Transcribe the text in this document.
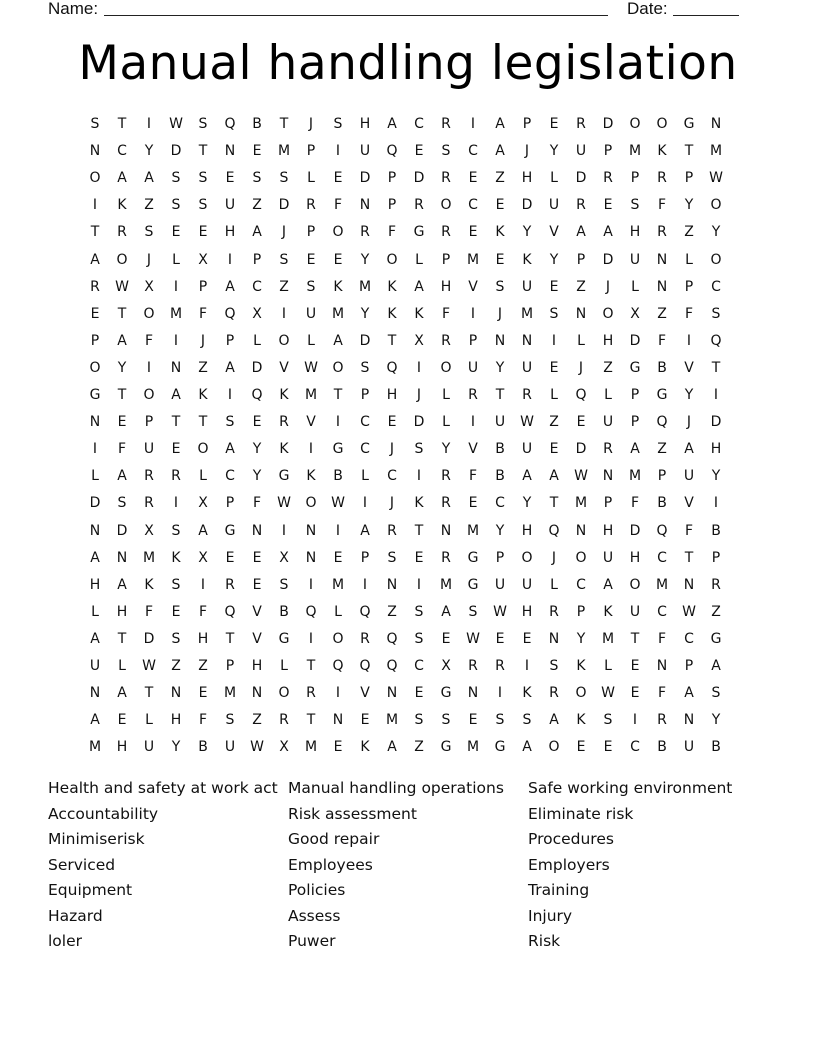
Name:	Date:
Manual handling legislation
S	T	I	W	S	Q	B	T	J	S	H	A	C	R	I	A	P	E	R	D	O	O	G	N
N	C	Y	D	T	N	E	M	P	I	U	Q	E	S	C	A	J	Y	U	P	M	K	T	M
O	A	A	S	S	E	S	S	L	E	D	P	D	R	E	Z	H	L	D	R	P	R	P	W
I	K	Z	S	S	U	Z	D	R	F	N	P	R	O	C	E	D	U	R	E	S	F	Y	O
T	R	S	E	E	H	A	J	P	O	R	F	G	R	E	K	Y	V	A	A	H	R	Z	Y
A	O	J	L	X	I	P	S	E	E	Y	O	L	P	M	E	K	Y	P	D	U	N	L	O
R	W	X	I	P	A	C	Z	S	K	M	K	A	H	V	S	U	E	Z	J	L	N	P	C
E	T	O	M	F	Q	X	I	U	M	Y	K	K	F	I	J	M	S	N	O	X	Z	F	S
P	A	F	I	J	P	L	O	L	A	D	T	X	R	P	N	N	I	L	H	D	F	I	Q
O	Y	I	N	Z	A	D	V	W	O	S	Q	I	O	U	Y	U	E	J	Z	G	B	V	T
G	T	O	A	K	I	Q	K	M	T	P	H	J	L	R	T	R	L	Q	L	P	G	Y	I
N	E	P	T	T	S	E	R	V	I	C	E	D	L	I	U	W	Z	E	U	P	Q	J	D
I	F	U	E	O	A	Y	K	I	G	C	J	S	Y	V	B	U	E	D	R	A	Z	A	H
L	A	R	R	L	C	Y	G	K	B	L	C	I	R	F	B	A	A	W	N	M	P	U	Y
D	S	R	I	X	P	F	W	O	W	I	J	K	R	E	C	Y	T	M	P	F	B	V	I
N	D	X	S	A	G	N	I	N	I	A	R	T	N	M	Y	H	Q	N	H	D	Q	F	B
A	N	M	K	X	E	E	X	N	E	P	S	E	R	G	P	O	J	O	U	H	C	T	P
H	A	K	S	I	R	E	S	I	M	I	N	I	M	G	U	U	L	C	A	O	M	N	R
L	H	F	E	F	Q	V	B	Q	L	Q	Z	S	A	S	W	H	R	P	K	U	C	W	Z
A	T	D	S	H	T	V	G	I	O	R	Q	S	E	W	E	E	N	Y	M	T	F	C	G
U	L	W	Z	Z	P	H	L	T	Q	Q	Q	C	X	R	R	I	S	K	L	E	N	P	A
N	A	T	N	E	M	N	O	R	I	V	N	E	G	N	I	K	R	O	W	E	F	A	S
A	E	L	H	F	S	Z	R	T	N	E	M	S	S	E	S	S	A	K	S	I	R	N	Y
M	H	U	Y	B	U	W	X	M	E	K	A	Z	G	M	G	A	O	E	E	C	B	U	B
Health and safety at work act
Accountability
Minimiserisk
Serviced
Equipment
Hazard
loler
Manual handling operations
Risk assessment
Good repair
Employees
Policies
Assess
Puwer
Safe working environment
Eliminate risk
Procedures
Employers
Training
Injury
Risk
